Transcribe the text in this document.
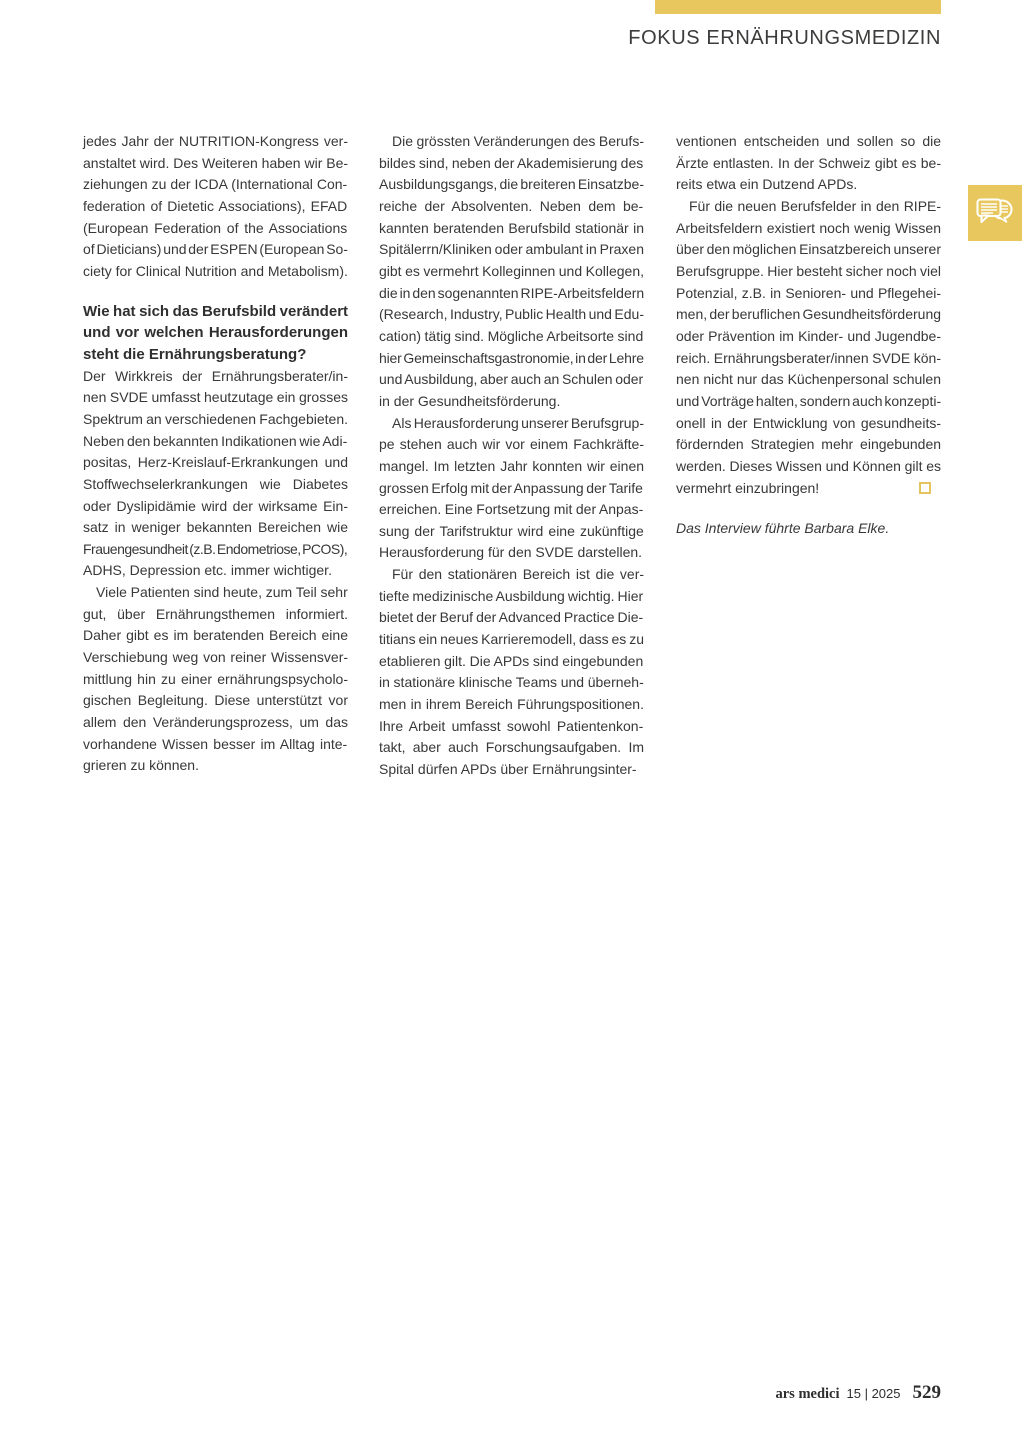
FOKUS ERNÄHRUNGSMEDIZIN
jedes Jahr der NUTRITION-Kongress ver-
anstaltet wird. Des Weiteren haben wir Be-
ziehungen zu der ICDA (International Con-
federation of Dietetic Associations), EFAD
(European Federation of the Associations
of Dieticians) und der ESPEN (European So-
ciety for Clinical Nutrition and Metabolism).
Wie hat sich das Berufsbild verändert
und vor welchen Herausforderungen
steht die Ernährungsberatung?
Der Wirkkreis der Ernährungsberater/in-
nen SVDE umfasst heutzutage ein grosses
Spektrum an verschiedenen Fachgebieten.
Neben den bekannten Indikationen wie Adi-
positas, Herz-Kreislauf-Erkrankungen und
Stoffwechselerkrankungen wie Diabetes
oder Dyslipidämie wird der wirksame Ein-
satz in weniger bekannten Bereichen wie
Frauengesundheit (z.B. Endometriose, PCOS),
ADHS, Depression etc. immer wichtiger.
Viele Patienten sind heute, zum Teil sehr
gut, über Ernährungsthemen informiert.
Daher gibt es im beratenden Bereich eine
Verschiebung weg von reiner Wissensver-
mittlung hin zu einer ernährungspsycholo-
gischen Begleitung. Diese unterstützt vor
allem den Veränderungsprozess, um das
vorhandene Wissen besser im Alltag inte-
grieren zu können.
Die grössten Veränderungen des Berufs-
bildes sind, neben der Akademisierung des
Ausbildungsgangs, die breiteren Einsatzbe-
reiche der Absolventen. Neben dem be-
kannten beratenden Berufsbild stationär in
Spitälerrn/Kliniken oder ambulant in Praxen
gibt es vermehrt Kolleginnen und Kollegen,
die in den sogenannten RIPE-Arbeitsfeldern
(Research, Industry, Public Health und Edu-
cation) tätig sind. Mögliche Arbeitsorte sind
hier Gemeinschaftsgastronomie, in der Lehre
und Ausbildung, aber auch an Schulen oder
in der Gesundheitsförderung.
Als Herausforderung unserer Berufsgrup-
pe stehen auch wir vor einem Fachkräfte-
mangel. Im letzten Jahr konnten wir einen
grossen Erfolg mit der Anpassung der Tarife
erreichen. Eine Fortsetzung mit der Anpas-
sung der Tarifstruktur wird eine zukünftige
Herausforderung für den SVDE darstellen.
Für den stationären Bereich ist die ver-
tiefte medizinische Ausbildung wichtig. Hier
bietet der Beruf der Advanced Practice Die-
titians ein neues Karrieremodell, dass es zu
etablieren gilt. Die APDs sind eingebunden
in stationäre klinische Teams und überneh-
men in ihrem Bereich Führungspositionen.
Ihre Arbeit umfasst sowohl Patientenkon-
takt, aber auch Forschungsaufgaben. Im
Spital dürfen APDs über Ernährungsinter-
ventionen entscheiden und sollen so die
Ärzte entlasten. In der Schweiz gibt es be-
reits etwa ein Dutzend APDs.
Für die neuen Berufsfelder in den RIPE-
Arbeitsfeldern existiert noch wenig Wissen
über den möglichen Einsatzbereich unserer
Berufsgruppe. Hier besteht sicher noch viel
Potenzial, z.B. in Senioren- und Pflegehei-
men, der beruflichen Gesundheitsförderung
oder Prävention im Kinder- und Jugendbe-
reich. Ernährungsberater/innen SVDE kön-
nen nicht nur das Küchenpersonal schulen
und Vorträge halten, sondern auch konzepti-
onell in der Entwicklung von gesundheits-
fördernden Strategien mehr eingebunden
werden. Dieses Wissen und Können gilt es
vermehrt einzubringen!
Das Interview führte Barbara Elke.
ars medici 15 | 2025 529
